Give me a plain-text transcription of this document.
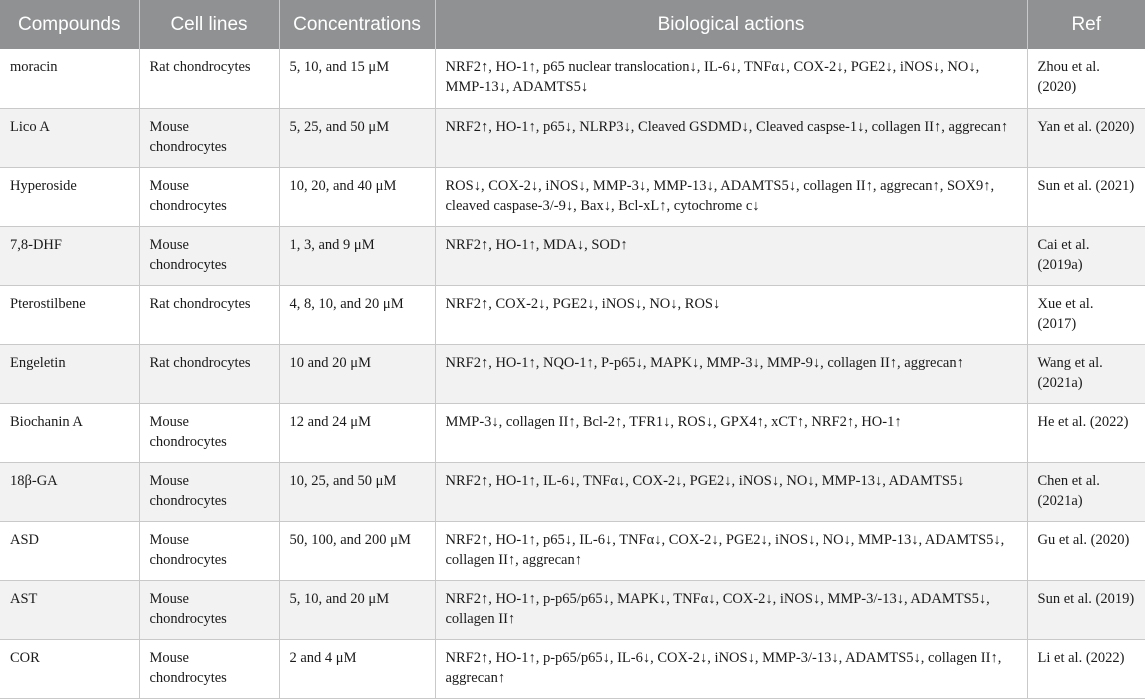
Compounds	Cell lines	Concentrations	Biological actions	Ref
moracin	Rat chondrocytes	5, 10, and 15 μM	NRF2↑, HO-1↑, p65 nuclear translocation↓, IL-6↓, TNFα↓, COX-2↓, PGE2↓, iNOS↓, NO↓, MMP-13↓, ADAMTS5↓	Zhou et al. (2020)
Lico A	Mouse chondrocytes	5, 25, and 50 μM	NRF2↑, HO-1↑, p65↓, NLRP3↓, Cleaved GSDMD↓, Cleaved caspse-1↓, collagen II↑, aggrecan↑	Yan et al. (2020)
Hyperoside	Mouse chondrocytes	10, 20, and 40 μM	ROS↓, COX-2↓, iNOS↓, MMP-3↓, MMP-13↓, ADAMTS5↓, collagen II↑, aggrecan↑, SOX9↑, cleaved caspase-3/-9↓, Bax↓, Bcl-xL↑, cytochrome c↓	Sun et al. (2021)
7,8-DHF	Mouse chondrocytes	1, 3, and 9 μM	NRF2↑, HO-1↑, MDA↓, SOD↑	Cai et al. (2019a)
Pterostilbene	Rat chondrocytes	4, 8, 10, and 20 μM	NRF2↑, COX-2↓, PGE2↓, iNOS↓, NO↓, ROS↓	Xue et al. (2017)
Engeletin	Rat chondrocytes	10 and 20 μM	NRF2↑, HO-1↑, NQO-1↑, P-p65↓, MAPK↓, MMP-3↓, MMP-9↓, collagen II↑, aggrecan↑	Wang et al. (2021a)
Biochanin A	Mouse chondrocytes	12 and 24 μM	MMP-3↓, collagen II↑, Bcl-2↑, TFR1↓, ROS↓, GPX4↑, xCT↑, NRF2↑, HO-1↑	He et al. (2022)
18β-GA	Mouse chondrocytes	10, 25, and 50 μM	NRF2↑, HO-1↑, IL-6↓, TNFα↓, COX-2↓, PGE2↓, iNOS↓, NO↓, MMP-13↓, ADAMTS5↓	Chen et al. (2021a)
ASD	Mouse chondrocytes	50, 100, and 200 μM	NRF2↑, HO-1↑, p65↓, IL-6↓, TNFα↓, COX-2↓, PGE2↓, iNOS↓, NO↓, MMP-13↓, ADAMTS5↓, collagen II↑, aggrecan↑	Gu et al. (2020)
AST	Mouse chondrocytes	5, 10, and 20 μM	NRF2↑, HO-1↑, p-p65/p65↓, MAPK↓, TNFα↓, COX-2↓, iNOS↓, MMP-3/-13↓, ADAMTS5↓, collagen II↑	Sun et al. (2019)
COR	Mouse chondrocytes	2 and 4 μM	NRF2↑, HO-1↑, p-p65/p65↓, IL-6↓, COX-2↓, iNOS↓, MMP-3/-13↓, ADAMTS5↓, collagen II↑, aggrecan↑	Li et al. (2022)
